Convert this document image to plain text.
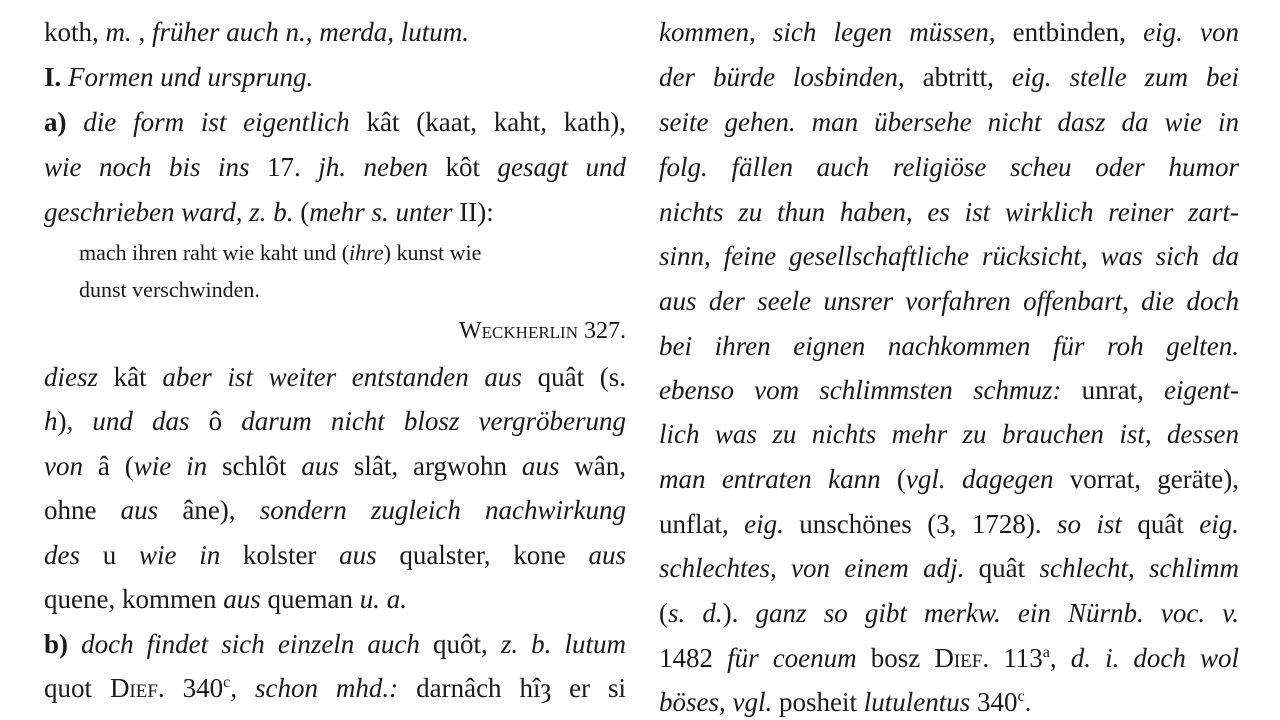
koth, m. , früher auch n., merda, lutum.
I. Formen und ursprung.
a) die form ist eigentlich kât (kaat, kaht, kath),
wie noch bis ins 17. jh. neben kôt gesagt und
geschrieben ward, z. b. (mehr s. unter II):
mach ihren raht wie kaht und (ihre) kunst wie
dunst verschwinden.
Weckherlin 327.
diesz kât aber ist weiter entstanden aus quât (s.
h), und das ô darum nicht blosz vergröberung
von â (wie in schlôt aus slât, argwohn aus wân,
ohne aus âne), sondern zugleich nachwirkung
des u wie in kolster aus qualster, kone aus
quene, kommen aus queman u. a.
b) doch findet sich einzeln auch quôt, z. b. lutum
quot Dief. 340$^c$, schon mhd.: darnâch hîȝ er si
kommen, sich legen müssen, entbinden, eig. von
der bürde losbinden, abtritt, eig. stelle zum bei
seite gehen. man übersehe nicht dasz da wie in
folg. fällen auch religiöse scheu oder humor
nichts zu thun haben, es ist wirklich reiner zart-
sinn, feine gesellschaftliche rücksicht, was sich da
aus der seele unsrer vorfahren offenbart, die doch
bei ihren eignen nachkommen für roh gelten.
ebenso vom schlimmsten schmuz: unrat, eigent-
lich was zu nichts mehr zu brauchen ist, dessen
man entraten kann (vgl. dagegen vorrat, geräte),
unflat, eig. unschönes (3, 1728). so ist quât eig.
schlechtes, von einem adj. quât schlecht, schlimm
(s. d.). ganz so gibt merkw. ein Nürnb. voc. v.
1482 für coenum bosz Dief. 113$^a$, d. i. doch wol
böses, vgl. posheit lutulentus 340$^c$.
